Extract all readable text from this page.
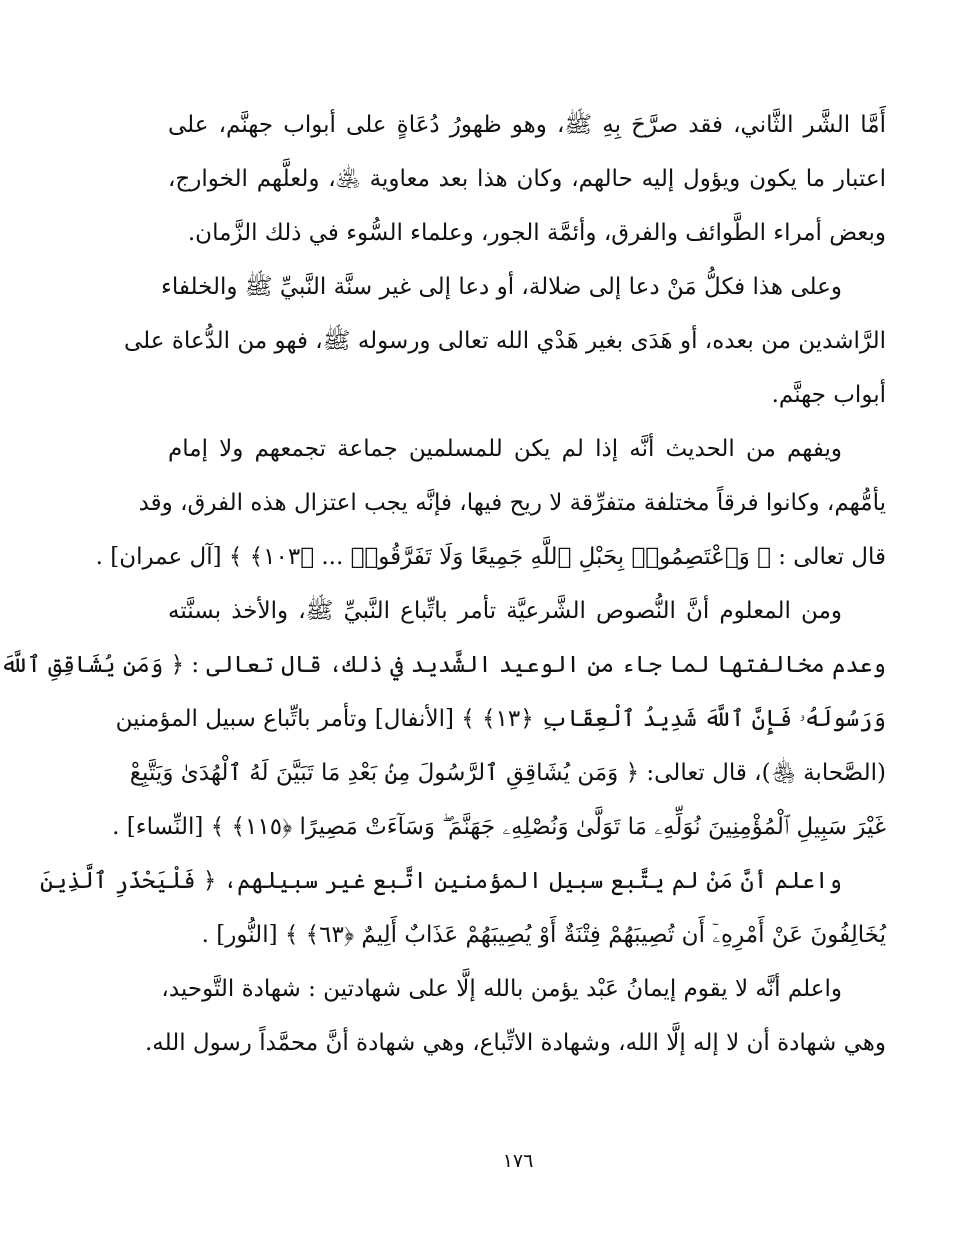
أَمَّا الشَّر الثَّاني، فقد صرَّحَ بِهِ ﷺ، وهو ظهورُ دُعَاةٍ على أبواب جهنَّم، على
اعتبار ما يكون ويؤول إليه حالهم، وكان هذا بعد معاوية ﵁، ولعلَّهم الخوارج،
وبعض أمراء الطَّوائف والفرق، وأئمَّة الجور، وعلماء السُّوء في ذلك الزَّمان.
وعلى هذا فكلُّ مَنْ دعا إلى ضلالة، أو دعا إلى غير سنَّة النَّبيِّ ﷺ والخلفاء
الرَّاشدين من بعده، أو هَدَى بغير هَدْي الله تعالى ورسوله ﷺ، فهو من الدُّعاة على
أبواب جهنَّم.
ويفهم من الحديث أنَّه إذا لم يكن للمسلمين جماعة تجمعهم ولا إمام
يأمُّهم، وكانوا فرقاً مختلفة متفرِّقة لا ريح فيها، فإنَّه يجب اعتزال هذه الفرق، وقد
قال تعالى : ﴿ وَٱعْتَصِمُوا۟ بِحَبْلِ ٱللَّهِ جَمِيعًا وَلَا تَفَرَّقُوا۟ ... ﴿١٠٣﴾ ﴾ [آل عمران] .
ومن المعلوم أنَّ النُّصوص الشَّرعيَّة تأمر باتِّباع النَّبيِّ ﷺ، والأخذ بسنَّته
وعدم مخالفتها لما جاء من الوعيد الشَّديد في ذلك، قال تعالى : ﴿ وَمَن يُشَاقِقِ ٱللَّهَ
وَرَسُولَهُۥ فَإِنَّ ٱللَّهَ شَدِيدُ ٱلْعِقَابِ ﴿١٣﴾ ﴾ [الأنفال] وتأمر باتِّباع سبيل المؤمنين
(الصَّحابة ﵃)، قال تعالى: ﴿ وَمَن يُشَاقِقِ ٱلرَّسُولَ مِنۢ بَعْدِ مَا تَبَيَّنَ لَهُ ٱلْهُدَىٰ وَيَتَّبِعْ
غَيْرَ سَبِيلِ ٱلْمُؤْمِنِينَ نُوَلِّهِۦ مَا تَوَلَّىٰ وَنُصْلِهِۦ جَهَنَّمَ ۖ وَسَآءَتْ مَصِيرًا ﴿١١٥﴾ ﴾ [النِّساء] .
واعلم أنَّ مَنْ لم يتَّبع سبيل المؤمنين اتَّبع غير سبيلهم، ﴿ فَلْيَحْذَرِ ٱلَّذِينَ
يُخَالِفُونَ عَنْ أَمْرِهِۦٓ أَن تُصِيبَهُمْ فِتْنَةٌ أَوْ يُصِيبَهُمْ عَذَابٌ أَلِيمٌ ﴿٦٣﴾ ﴾ [النُّور] .
واعلم أنَّه لا يقوم إيمانُ عَبْد يؤمن بالله إلَّا على شهادتين : شهادة التَّوحيد،
وهي شهادة أن لا إله إلَّا الله، وشهادة الاتِّباع، وهي شهادة أنَّ محمَّداً رسول الله.
١٧٦
